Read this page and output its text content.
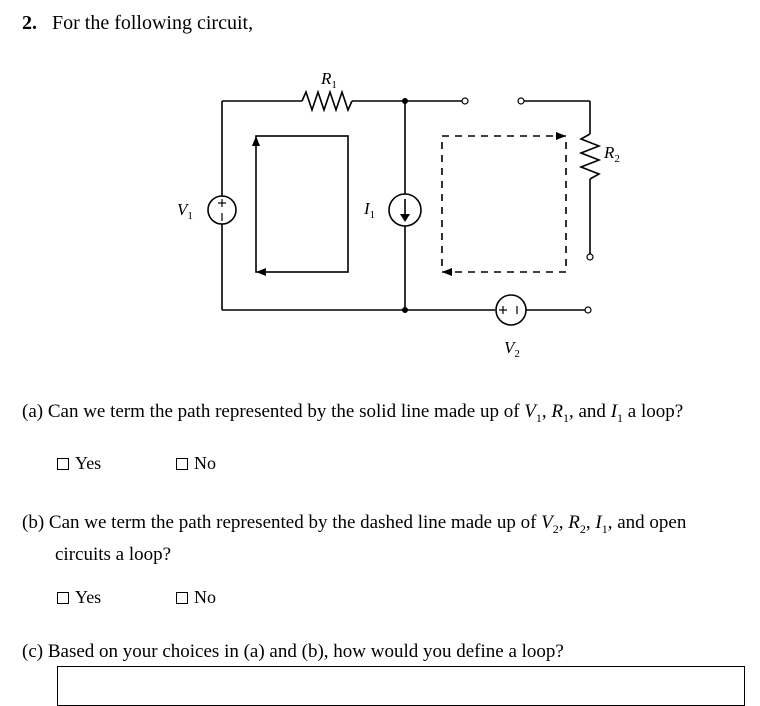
2. For the following circuit,
$R_1$
$R_2$
$V_1$	$I_1$
$V_2$
(a) Can we term the path represented by the solid line made up of $V_1$, $R_1$, and $I_1$ a loop?
Yes	No
(b) Can we term the path represented by the dashed line made up of $V_2$, $R_2$, $I_1$, and open
circuits a loop?
Yes	No
(c) Based on your choices in (a) and (b), how would you define a loop?
